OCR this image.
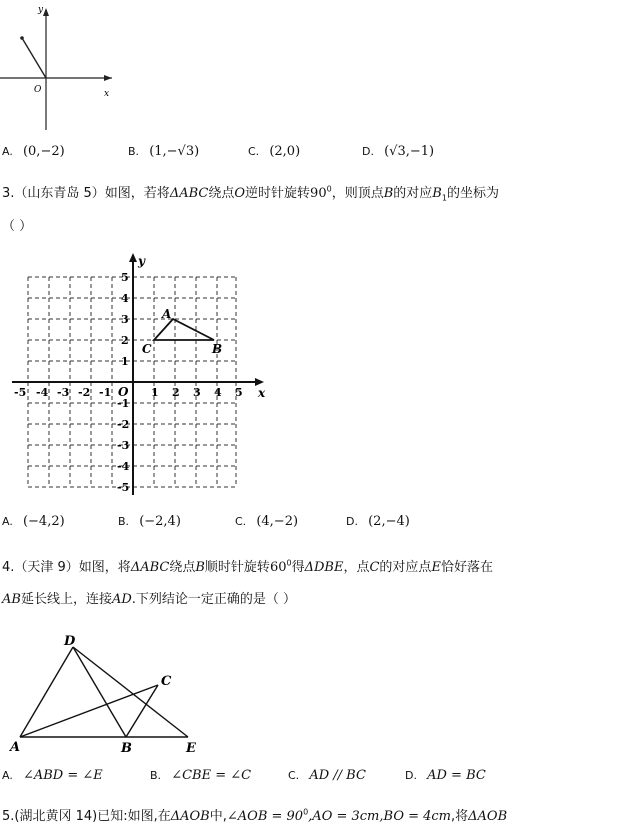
y
x
O
A. (0,−2)	B. (1,−√3)	C. (2,0)	D. (√3,−1)
3.（山东青岛 5）如图，若将ΔABC绕点O逆时针旋转$90^0$，则顶点B的对应$B_1$的坐标为
（ ）
y
x
O
A
B
C
-5 -4 -3 -2 -1	1 2 3 4 5
5
4
3
2
1
-1
-2
-3
-4
-5
A. (−4,2)	B. (−2,4)	C. (4,−2)	D. (2,−4)
4.（天津 9）如图，将ΔABC绕点B顺时针旋转$60^0$得ΔDBE，点C的对应点E恰好落在
AB延长线上，连接AD.下列结论一定正确的是（ ）
D
A	B
C
E
A. ∠ABD = ∠E	B. ∠CBE = ∠C	C. AD // BC	D. AD = BC
5.(湖北黄冈 14)已知:如图,在ΔAOB中,∠AOB = $90^0,AO = 3cm,BO = 4cm$,将ΔAOB
